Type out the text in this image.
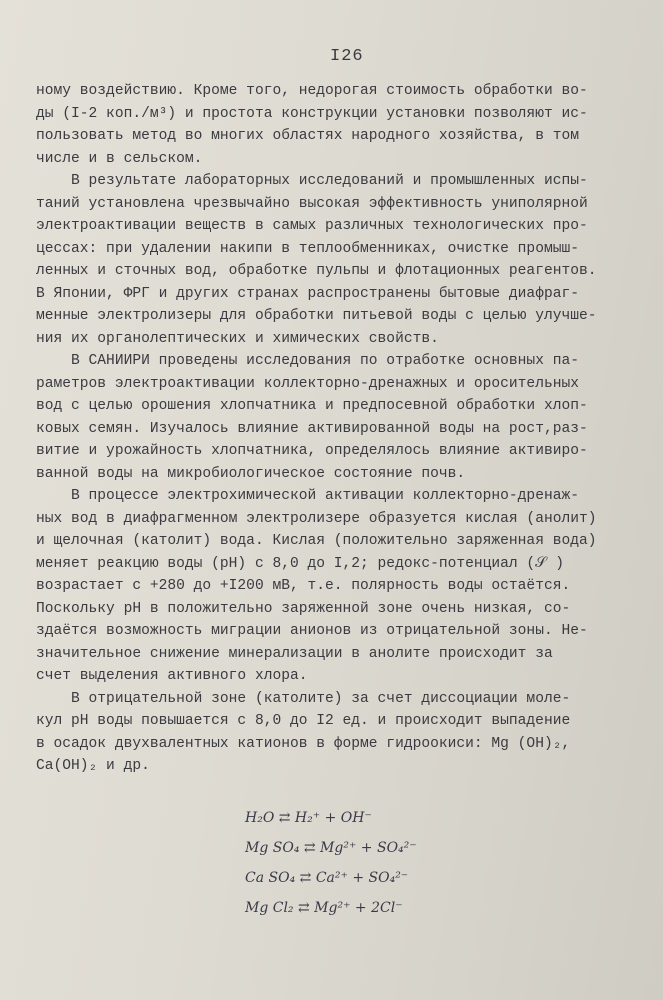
I26
ному воздействию. Кроме того, недорогая стоимость обработки во-
ды (I-2 коп./м³) и простота конструкции установки позволяют ис-
пользовать метод во многих областях народного хозяйства, в том
числе и в сельском.
В результате лабораторных исследований и промышленных испы-
таний установлена чрезвычайно высокая эффективность униполярной
электроактивации веществ в самых различных технологических про-
цессах: при удалении накипи в теплообменниках, очистке промыш-
ленных и сточных вод, обработке пульпы и флотационных реагентов.
В Японии, ФРГ и других странах распространены бытовые диафраг-
менные электролизеры для обработки питьевой воды с целью улучше-
ния их органолептических и химических свойств.
В САНИИРИ проведены исследования по отработке основных па-
раметров электроактивации коллекторно-дренажных и оросительных
вод с целью орошения хлопчатника и предпосевной обработки хлоп-
ковых семян. Изучалось влияние активированной воды на рост,раз-
витие и урожайность хлопчатника, определялось влияние активиро-
ванной воды на микробиологическое состояние почв.
В процессе электрохимической активации коллекторно-дренаж-
ных вод в диафрагменном электролизере образуется кислая (анолит)
и щелочная (католит) вода. Кислая (положительно заряженная вода)
меняет реакцию воды (рН) с 8,0 до I,2; редокс-потенциал (𝒮 )
возрастает с +280 до +I200 мВ, т.е. полярность воды остаётся.
Поскольку рН в положительно заряженной зоне очень низкая, со-
здаётся возможность миграции анионов из отрицательной зоны. Не-
значительное снижение минерализации в анолите происходит за
счет выделения активного хлора.
В отрицательной зоне (католите) за счет диссоциации моле-
кул рН воды повышается с 8,0 до I2 ед. и происходит выпадение
в осадок двухвалентных катионов в форме гидроокиси: Mg (OH)₂,
Ca(OH)₂ и др.
H₂O ⇄ H₂⁺ + OH⁻
Mg SO₄ ⇄ Mg²⁺ + SO₄²⁻
Ca SO₄ ⇄ Ca²⁺ + SO₄²⁻
Mg Cl₂ ⇄ Mg²⁺ + 2Cl⁻
